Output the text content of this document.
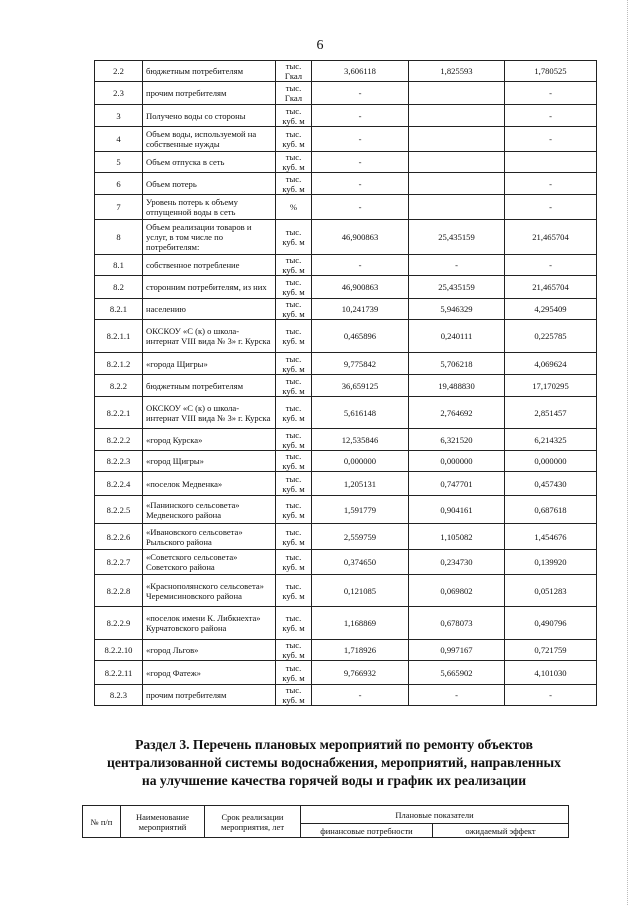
6
2.2	бюджетным потребителям	тыс. Гкал	3,606118	1,825593	1,780525
2.3	прочим потребителям	тыс. Гкал	-		-
3	Получено воды со стороны	тыс. куб. м	-		-
4	Объем воды, используемой на собственные нужды	тыс. куб. м	-		-
5	Объем отпуска в сеть	тыс. куб. м	-		
6	Объем потерь	тыс. куб. м	-		-
7	Уровень потерь к объему отпущенной воды в сеть	%	-		-
8	Объем реализации товаров и услуг, в том числе по потребителям:	тыс. куб. м	46,900863	25,435159	21,465704
8.1	собственное потребление	тыс. куб. м	-	-	-
8.2	сторонним потребителям, из них	тыс. куб. м	46,900863	25,435159	21,465704
8.2.1	населению	тыс. куб. м	10,241739	5,946329	4,295409
8.2.1.1	ОКСКОУ «С (к) о школа-интернат VIII вида № 3» г. Курска	тыс. куб. м	0,465896	0,240111	0,225785
8.2.1.2	«города Щигры»	тыс. куб. м	9,775842	5,706218	4,069624
8.2.2	бюджетным потребителям	тыс. куб. м	36,659125	19,488830	17,170295
8.2.2.1	ОКСКОУ «С (к) о школа-интернат VIII вида № 3» г. Курска	тыс. куб. м	5,616148	2,764692	2,851457
8.2.2.2	«город Курска»	тыс. куб. м	12,535846	6,321520	6,214325
8.2.2.3	«город Щигры»	тыс. куб. м	0,000000	0,000000	0,000000
8.2.2.4	«поселок Медвенка»	тыс. куб. м	1,205131	0,747701	0,457430
8.2.2.5	«Панинского сельсовета» Медвенского района	тыс. куб. м	1,591779	0,904161	0,687618
8.2.2.6	«Ивановского сельсовета» Рыльского района	тыс. куб. м	2,559759	1,105082	1,454676
8.2.2.7	«Советского сельсовета» Советского района	тыс. куб. м	0,374650	0,234730	0,139920
8.2.2.8	«Краснополянского сельсовета» Черемисиновского района	тыс. куб. м	0,121085	0,069802	0,051283
8.2.2.9	«поселок имени К. Либкнехта» Курчатовского района	тыс. куб. м	1,168869	0,678073	0,490796
8.2.2.10	«город Льгов»	тыс. куб. м	1,718926	0,997167	0,721759
8.2.2.11	«город Фатеж»	тыс. куб. м	9,766932	5,665902	4,101030
8.2.3	прочим потребителям	тыс. куб. м	-	-	-
Раздел 3. Перечень плановых мероприятий по ремонту объектов централизованной системы водоснабжения, мероприятий, направленных на улучшение качества горячей воды и график их реализации
№ п/п	Наименование мероприятий	Срок реализации мероприятия, лет	Плановые показатели	
			финансовые потребности	ожидаемый эффект
